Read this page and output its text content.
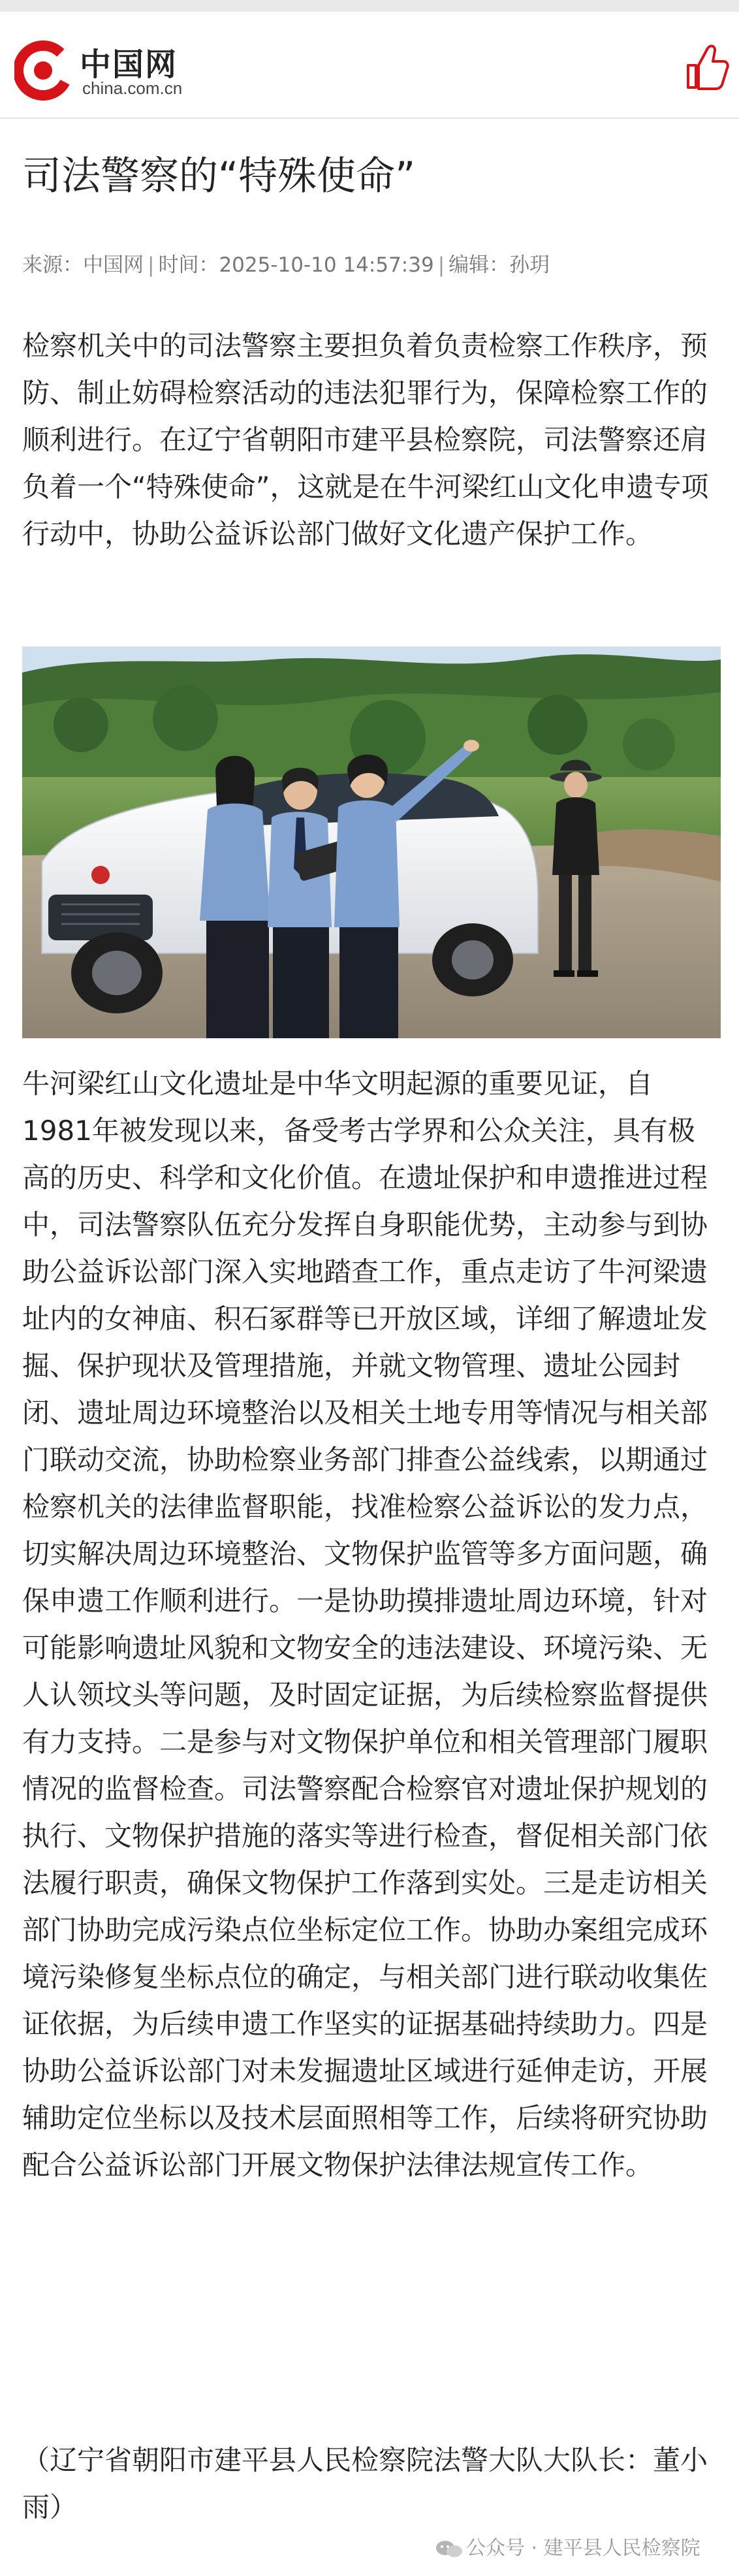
中国网
china.com.cn
司法警察的“特殊使命”
来源：中国网 | 时间：2025-10-10 14:57:39 | 编辑：孙玥

检察机关中的司法警察主要担负着负责检察工作秩序，预防、制止妨碍检察活动的违法犯罪行为，保障检察工作的顺利进行。在辽宁省朝阳市建平县检察院，司法警察还肩负着一个“特殊使命”，这就是在牛河梁红山文化申遗专项行动中，协助公益诉讼部门做好文化遗产保护工作。

牛河梁红山文化遗址是中华文明起源的重要见证，自1981年被发现以来，备受考古学界和公众关注，具有极高的历史、科学和文化价值。在遗址保护和申遗推进过程中，司法警察队伍充分发挥自身职能优势，主动参与到协助公益诉讼部门深入实地踏查工作，重点走访了牛河梁遗址内的女神庙、积石冢群等已开放区域，详细了解遗址发掘、保护现状及管理措施，并就文物管理、遗址公园封闭、遗址周边环境整治以及相关土地专用等情况与相关部门联动交流，协助检察业务部门排查公益线索，以期通过检察机关的法律监督职能，找准检察公益诉讼的发力点，切实解决周边环境整治、文物保护监管等多方面问题，确保申遗工作顺利进行。一是协助摸排遗址周边环境，针对可能影响遗址风貌和文物安全的违法建设、环境污染、无人认领坟头等问题，及时固定证据，为后续检察监督提供有力支持。二是参与对文物保护单位和相关管理部门履职情况的监督检查。司法警察配合检察官对遗址保护规划的执行、文物保护措施的落实等进行检查，督促相关部门依法履行职责，确保文物保护工作落到实处。三是走访相关部门协助完成污染点位坐标定位工作。协助办案组完成环境污染修复坐标点位的确定，与相关部门进行联动收集佐证依据，为后续申遗工作坚实的证据基础持续助力。四是协助公益诉讼部门对未发掘遗址区域进行延伸走访，开展辅助定位坐标以及技术层面照相等工作，后续将研究协助配合公益诉讼部门开展文物保护法律法规宣传工作。

（辽宁省朝阳市建平县人民检察院法警大队大队长：董小雨）

公众号 · 建平县人民检察院
